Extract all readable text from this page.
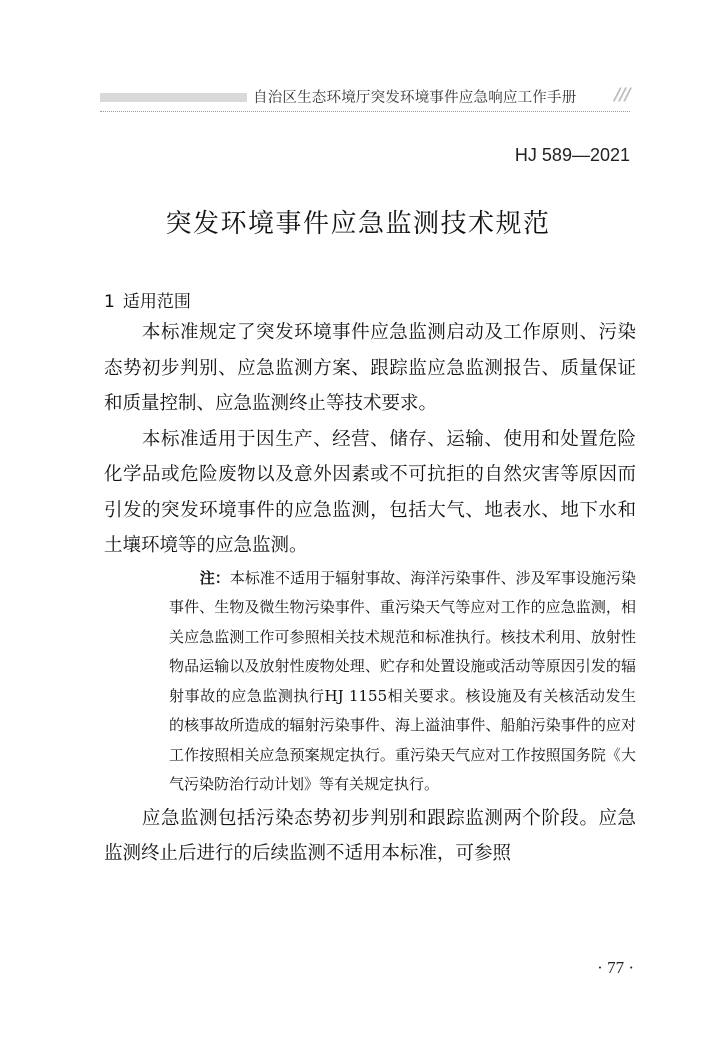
自治区生态环境厅突发环境事件应急响应工作手册 ///
HJ 589—2021
突发环境事件应急监测技术规范
1 适用范围

本标准规定了突发环境事件应急监测启动及工作原则、污染态势初步判别、应急监测方案、跟踪监应急监测报告、质量保证和质量控制、应急监测终止等技术要求。

本标准适用于因生产、经营、储存、运输、使用和处置危险化学品或危险废物以及意外因素或不可抗拒的自然灾害等原因而引发的突发环境事件的应急监测，包括大气、地表水、地下水和土壤环境等的应急监测。

注：本标准不适用于辐射事故、海洋污染事件、涉及军事设施污染事件、生物及微生物污染事件、重污染天气等应对工作的应急监测，相关应急监测工作可参照相关技术规范和标准执行。核技术利用、放射性物品运输以及放射性废物处理、贮存和处置设施或活动等原因引发的辐射事故的应急监测执行HJ 1155相关要求。核设施及有关核活动发生的核事故所造成的辐射污染事件、海上溢油事件、船舶污染事件的应对工作按照相关应急预案规定执行。重污染天气应对工作按照国务院《大气污染防治行动计划》等有关规定执行。

应急监测包括污染态势初步判别和跟踪监测两个阶段。应急监测终止后进行的后续监测不适用本标准，可参照

· 77 ·
